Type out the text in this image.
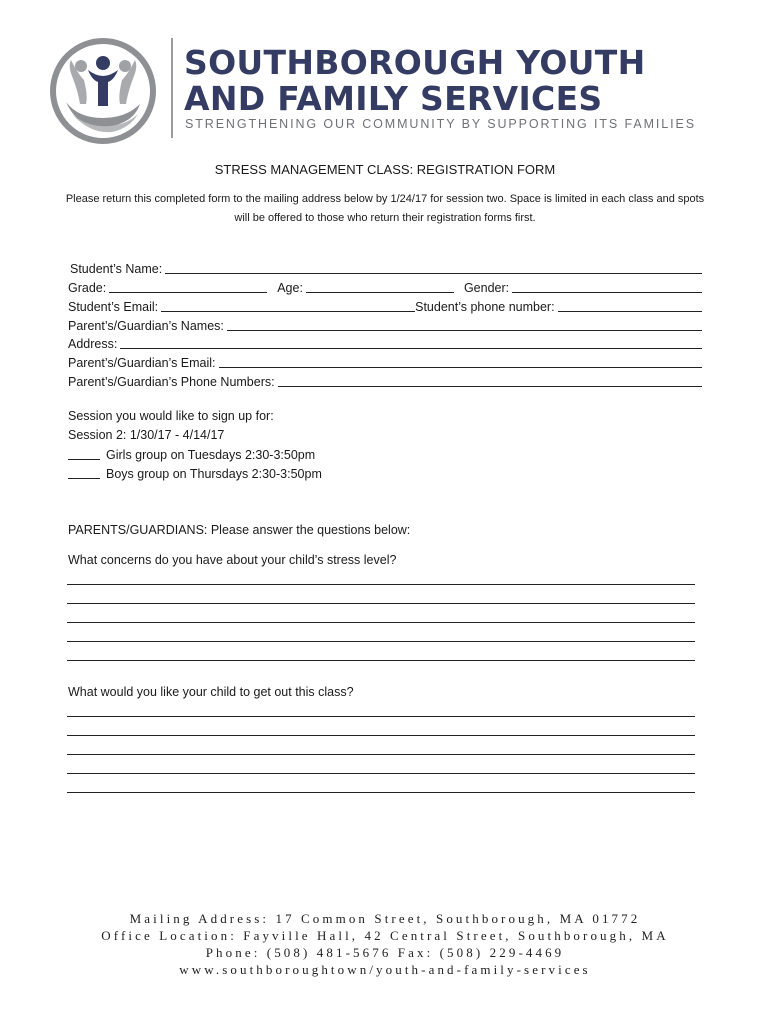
SOUTHBOROUGH YOUTH
AND FAMILY SERVICES
STRENGTHENING OUR COMMUNITY BY SUPPORTING ITS FAMILIES
STRESS MANAGEMENT CLASS: REGISTRATION FORM
Please return this completed form to the mailing address below by 1/24/17 for session two. Space is limited in each class and spots will be offered to those who return their registration forms first.
Student’s Name:
Grade:	Age:	Gender:
Student’s Email:	Student’s phone number:
Parent’s/Guardian’s Names:
Address:
Parent’s/Guardian’s Email:
Parent’s/Guardian’s Phone Numbers:
Session you would like to sign up for:
Session 2: 1/30/17 - 4/14/17
Girls group on Tuesdays 2:30-3:50pm
Boys group on Thursdays 2:30-3:50pm
PARENTS/GUARDIANS: Please answer the questions below:
What concerns do you have about your child’s stress level?
What would you like your child to get out this class?
Mailing Address: 17 Common Street, Southborough, MA 01772
Office Location: Fayville Hall, 42 Central Street, Southborough, MA
Phone: (508) 481-5676 Fax: (508) 229-4469
www.southboroughtown/youth-and-family-services
